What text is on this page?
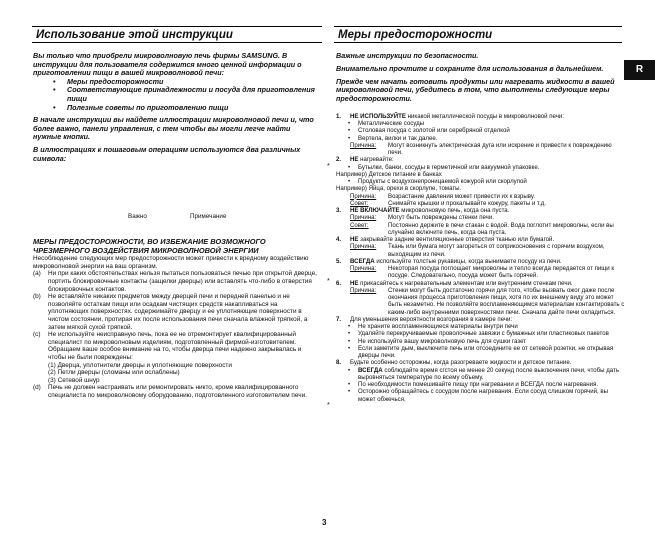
Использование этой инструкции	Меры предосторожности
R

Вы только что приобрели микроволновую печь фирмы SAMSUNG. В инструкции для пользователя содержится много ценной информации о приготовлении пищи в вашей микроволновой печи:

• Меры предосторожности
• Соответствующие принадлежности и посуда для приготовления пищи
• Полезные советы по приготовлению пищи

В начале инструкции вы найдете иллюстрации микроволновой печи и, что более важно, панели управления, с тем чтобы вы могли легче найти нужные кнопки.

В иллюстрациях к пошаговым операциям используются два различных символа:

Важно	Примечание

МЕРЫ ПРЕДОСТОРОЖНОСТИ, ВО ИЗБЕЖАНИЕ ВОЗМОЖНОГО ЧРЕЗМЕРНОГО ВОЗДЕЙСТВИЯ МИКРОВОЛНОВОЙ ЭНЕРГИИ

Несоблюдение следующих мер предосторожности может привести к вредному воздействию микроволновой энергии на ваш организм.

(a) Ни при каких обстоятельствах нельзя пытаться пользоваться печью при открытой дверце, портить блокировочные контакты (защелки дверцы) или вставлять что-либо в отверстия блокировочных контактов.
(b) Не вставляйте никаких предметов между дверцей печи и передней панелью и не позволяйте остаткам пищи или осадкам чистящих средств накапливаться на уплотняющих поверхностях. содержимайте дверцу и ее уплотняющие поверхности в чистом состоянии, протирая их после использования печи сначала влажной тряпкой, а затем мягкой сухой тряпкой.
(c) Не используйте неисправную печь, пока ее не отремонтирует квалифицированный специалист по микроволновым изделиям, подготовленный фирмой-изготовителем.
Обращаем ваше особое внимание на то, чтобы дверца печи надежно закрывалась и чтобы не были повреждены:
(1) Дверца, уплотнители дверцы и уплотняющие поверхности
(2) Петли дверцы (сломаны или ослаблены)
(3) Сетевой шнур
(d) Печь не должен настраивать или ремонтировать никто, кроме квалифицированного специалиста по микроволновому оборудованию, подготовленного изготовителем печи.

Важные инструкции по безопасности.

Внимательно прочтите и сохраните для использования в дальнейшем.

Прежде чем начать готовить продукты или нагревать жидкости в вашей микроволновой печи, убедитесь в том, что выполнены следующие меры предосторожности.

1. НЕ ИСПОЛЬЗУЙТЕ никакой металлической посуды в микроволновой печи:
• Металлические сосуды
• Столовая посуда с золотой или серебряной отделкой
• Вертела, вилки и так далее.
Причина: Могут возникнуть электрическая дуга или искрение и привести к повреждению печи.
2. НЕ нагревайте:
• Бутылки, банки, сосуды в герметичной или вакуумной упаковке.
Например) Детское питание в банках
• Продукты с воздухонепроницаемой кожурой или скорлупой
Например) Яйца, орехи в скорлупе, томаты.
Причина: Возрастание давления может привести их к взрыву.
Совет:	Снимайте крышки и прокалывайте кожуру, пакеты и т.д.
3. НЕ ВКЛЮЧАЙТЕ микроволновую печь, когда она пуста.
Причина: Могут быть повреждены стенки печи.
Совет:	Постоянно держите в печи стакан с водой. Вода поглотит микроволны, если вы случайно включите печь, когда она пуста.
4. НЕ закрывайте задние вентиляционные отверстия тканью или бумагой.
Причина: Ткань или бумага могут загореться от соприкосновения с горячим воздухом, выходящим из печи.
5. ВСЕГДА используйте толстые рукавицы, когда вынимаете посуду из печи.
Причина: Некоторая посуда поглощает микроволны и тепло всегда передается от пищи к посуде. Следовательно, посуда может быть горячей.
6. НЕ прикасайтесь к нагревательным элементам или внутренним стенкам печи.
Причина: Стенки могут быть достаточно горячи для того, чтобы вызвать ожог даже после окончания процесса приготовления пищи, хотя по их внешнему виду это может быть незаметно. Не позволяйте воспламеняющимся материалам контактировать с каким-либо внутренними поверхностями печи. Сначала дайте печи охладиться.
7. Для уменьшения вероятности возгорания в камере печи:
• Не храните воспламеняющиеся материалы внутри печи
• Удаляйте перекручиваемые проволочные завязки с бумажных или пластиковых пакетов
• Не используйте вашу микроволновую печь для сушки газет
• Если заметите дым, выключите печь или отсоедините ее от сетевой розетки, не открывая дверцы печи.
8. Будьте особенно осторожны, когда разогреваете жидкости и детское питание.
• ВСЕГДА соблюдайте время сгстоя не менее 20 секунд после выключения печи, чтобы дать выровняться температуре по всему объему.
• По необходимости помешивайте пищу при нагревании и ВСЕГДА после нагревания.
• Осторожно обращайтесь с сосудом после нагревания. Если сосуд слишком горячий, вы может обжечься.
*
*
*
3
